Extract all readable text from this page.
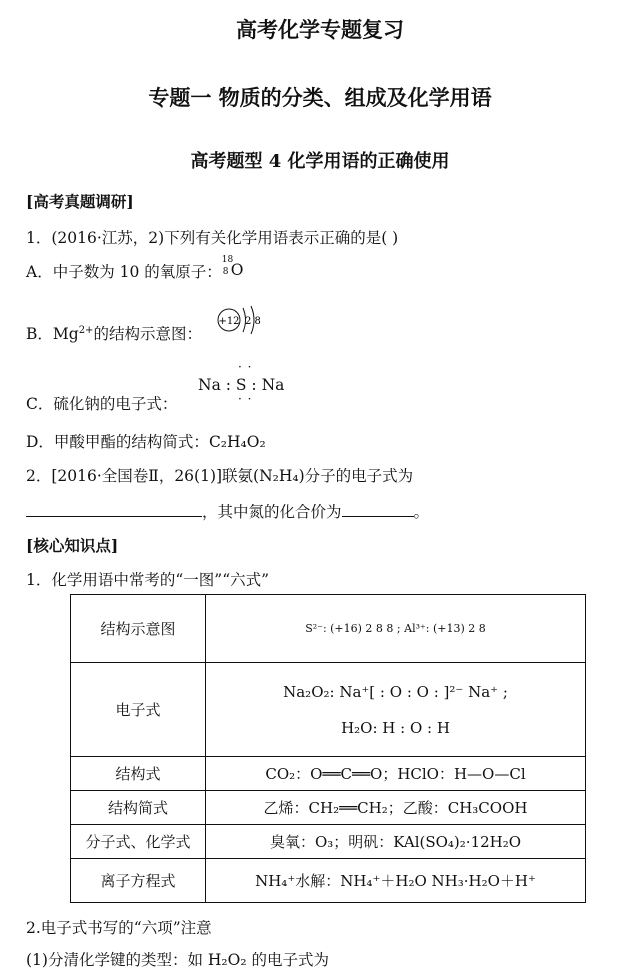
高考化学专题复习
专题一 物质的分类、组成及化学用语
高考题型 4 化学用语的正确使用
[高考真题调研]
1．(2016·江苏，2)下列有关化学用语表示正确的是( )
A．中子数为 10 的氧原子：
18
8 O
B．$Mg^{2+}$的结构示意图：
+12 2 8
C．硫化钠的电子式：
Na : S : Na
· ·
· ·
D．甲酸甲酯的结构简式：C₂H₄O₂
2．[2016·全国卷Ⅱ，26(1)]联氨(N₂H₄)分子的电子式为
，其中氮的化合价为	。
[核心知识点]
1．化学用语中常考的“一图”“六式”
结构示意图	S²⁻: (+16) 2 8 8 ; Al³⁺: (+13) 2 8
电子式	Na₂O₂: Na⁺[ : O : O : ]²⁻ Na⁺ ;
H₂O: H : O : H

结构式	CO₂：O══C══O；HClO：H—O—Cl
结构简式	乙烯：CH₂══CH₂；乙酸：CH₃COOH
分子式、化学式	臭氧：O₃；明矾：KAl(SO₄)₂·12H₂O
离子方程式	NH₄⁺水解：NH₄⁺＋H₂O NH₃·H₂O＋H⁺
2.电子式书写的“六项”注意
(1)分清化学键的类型：如 H₂O₂ 的电子式为
